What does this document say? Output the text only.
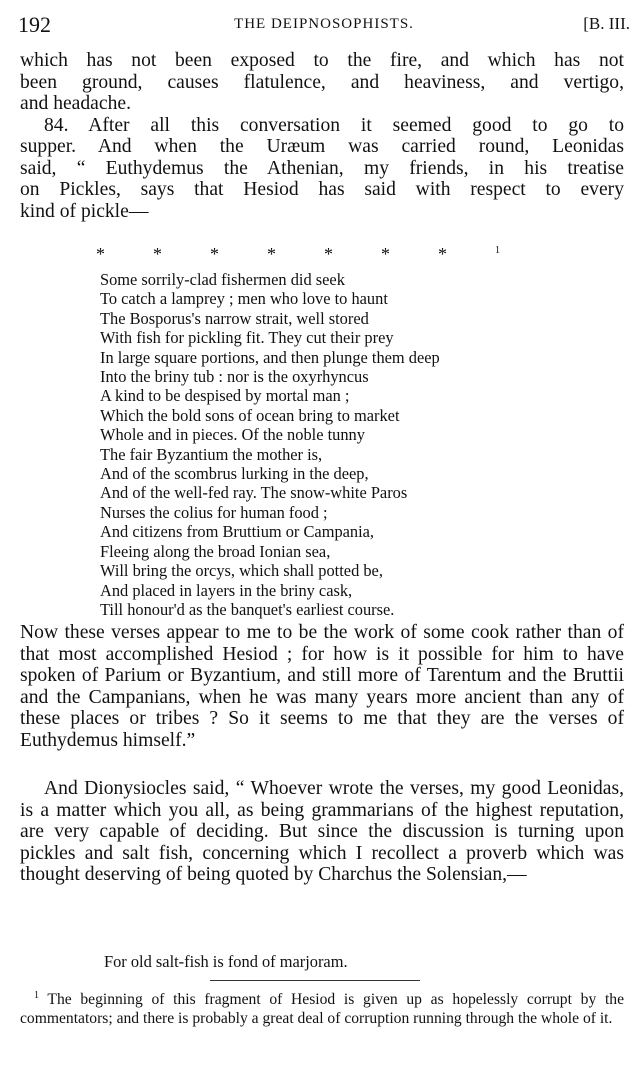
192	THE DEIPNOSOPHISTS.	[B. III.
which has not been exposed to the fire, and which has not
been ground, causes flatulence, and heaviness, and vertigo,
and headache.
84. After all this conversation it seemed good to go to
supper. And when the Uræum was carried round, Leonidas
said, “ Euthydemus the Athenian, my friends, in his treatise
on Pickles, says that Hesiod has said with respect to every
kind of pickle—
*	*	*	*	*	*	*	$^1$
Some sorrily-clad fishermen did seek
To catch a lamprey ; men who love to haunt
The Bosporus's narrow strait, well stored
With fish for pickling fit. They cut their prey
In large square portions, and then plunge them deep
Into the briny tub : nor is the oxyrhyncus
A kind to be despised by mortal man ;
Which the bold sons of ocean bring to market
Whole and in pieces. Of the noble tunny
The fair Byzantium the mother is,
And of the scombrus lurking in the deep,
And of the well-fed ray. The snow-white Paros
Nurses the colius for human food ;
And citizens from Bruttium or Campania,
Fleeing along the broad Ionian sea,
Will bring the orcys, which shall potted be,
And placed in layers in the briny cask,
Till honour'd as the banquet's earliest course.
Now these verses appear to me to be the work of some cook rather than of that most accomplished Hesiod ; for how is it possible for him to have spoken of Parium or Byzantium, and still more of Tarentum and the Bruttii and the Campanians, when he was many years more ancient than any of these places or tribes ? So it seems to me that they are the verses of Euthydemus himself.”
And Dionysiocles said, “ Whoever wrote the verses, my good Leonidas, is a matter which you all, as being grammarians of the highest reputation, are very capable of deciding. But since the discussion is turning upon pickles and salt fish, concerning which I recollect a proverb which was thought deserving of being quoted by Charchus the Solensian,—
For old salt-fish is fond of marjoram.
$^1$ The beginning of this fragment of Hesiod is given up as hopelessly corrupt by the commentators; and there is probably a great deal of corruption running through the whole of it.
